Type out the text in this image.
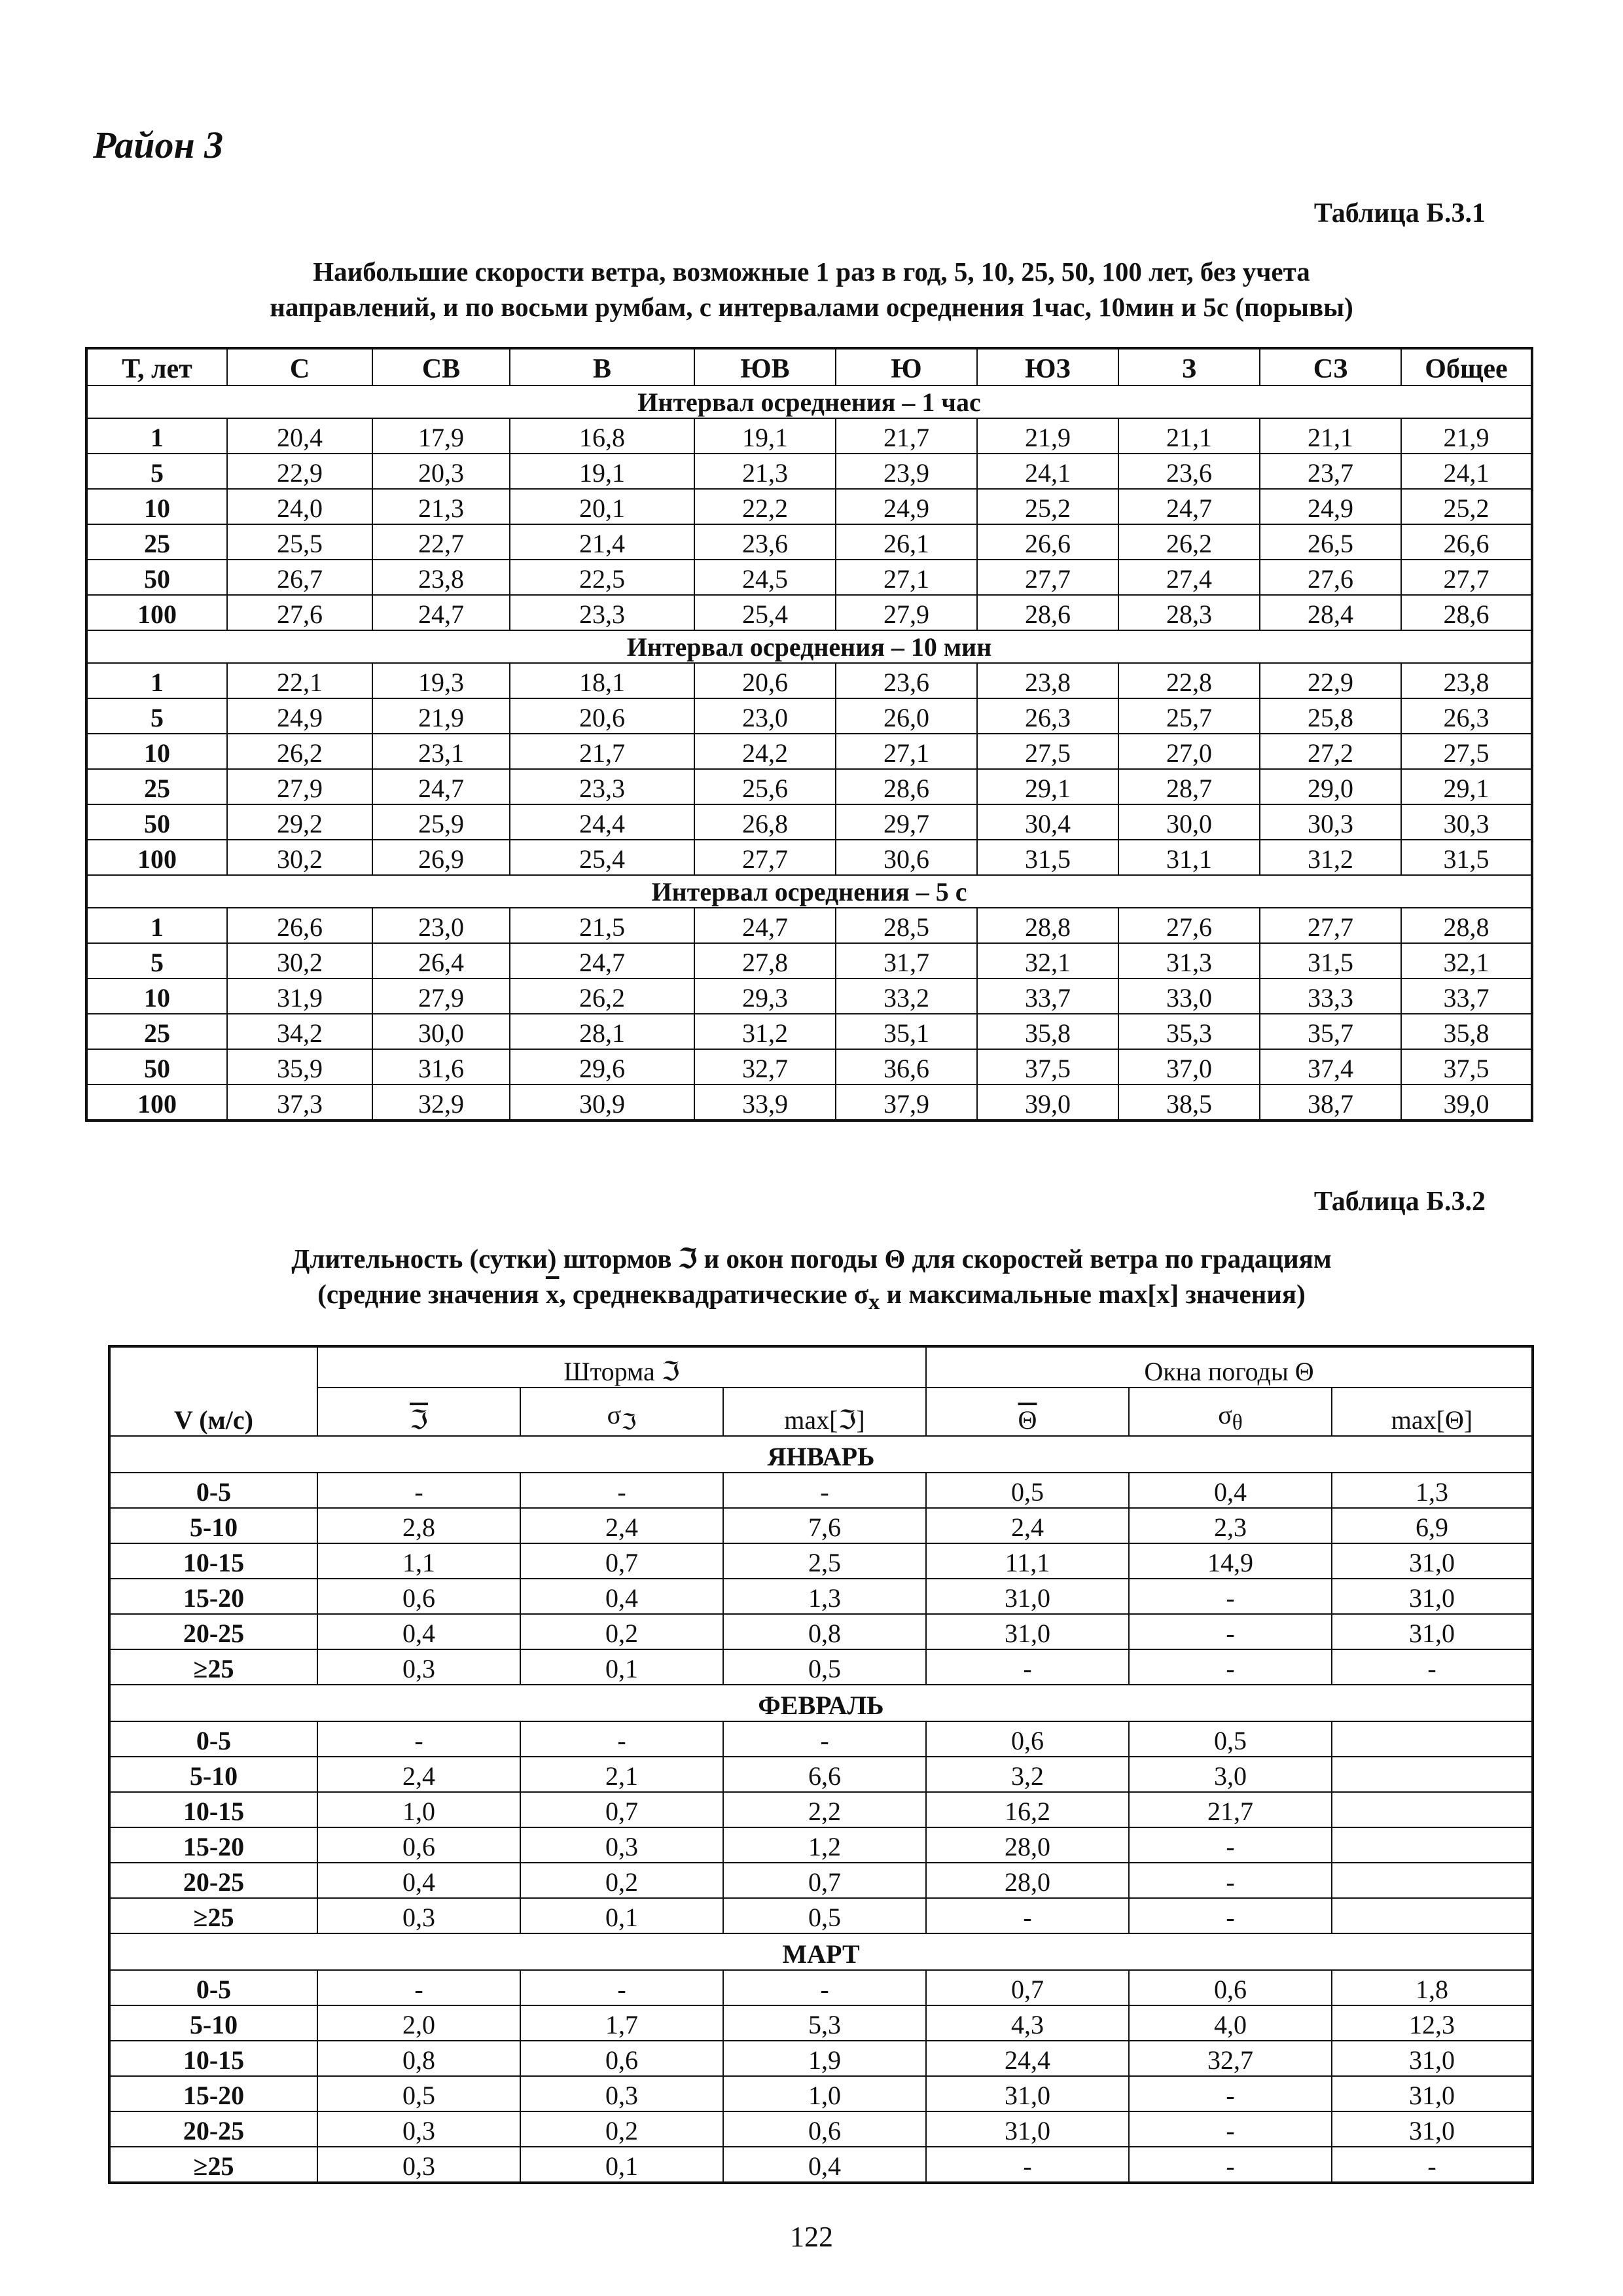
Район 3
Таблица Б.3.1
Наибольшие скорости ветра, возможные 1 раз в год, 5, 10, 25, 50, 100 лет, без учета
направлений, и по восьми румбам, с интервалами осреднения 1час, 10мин и 5с (порывы)
Т, лет	С	СВ	В	ЮВ	Ю	ЮЗ	З	СЗ	Общее
Интервал осреднения – 1 час									
1	20,4	17,9	16,8	19,1	21,7	21,9	21,1	21,1	21,9
5	22,9	20,3	19,1	21,3	23,9	24,1	23,6	23,7	24,1
10	24,0	21,3	20,1	22,2	24,9	25,2	24,7	24,9	25,2
25	25,5	22,7	21,4	23,6	26,1	26,6	26,2	26,5	26,6
50	26,7	23,8	22,5	24,5	27,1	27,7	27,4	27,6	27,7
100	27,6	24,7	23,3	25,4	27,9	28,6	28,3	28,4	28,6
Интервал осреднения – 10 мин									
1	22,1	19,3	18,1	20,6	23,6	23,8	22,8	22,9	23,8
5	24,9	21,9	20,6	23,0	26,0	26,3	25,7	25,8	26,3
10	26,2	23,1	21,7	24,2	27,1	27,5	27,0	27,2	27,5
25	27,9	24,7	23,3	25,6	28,6	29,1	28,7	29,0	29,1
50	29,2	25,9	24,4	26,8	29,7	30,4	30,0	30,3	30,3
100	30,2	26,9	25,4	27,7	30,6	31,5	31,1	31,2	31,5
Интервал осреднения – 5 с									
1	26,6	23,0	21,5	24,7	28,5	28,8	27,6	27,7	28,8
5	30,2	26,4	24,7	27,8	31,7	32,1	31,3	31,5	32,1
10	31,9	27,9	26,2	29,3	33,2	33,7	33,0	33,3	33,7
25	34,2	30,0	28,1	31,2	35,1	35,8	35,3	35,7	35,8
50	35,9	31,6	29,6	32,7	36,6	37,5	37,0	37,4	37,5
100	37,3	32,9	30,9	33,9	37,9	39,0	38,5	38,7	39,0
Таблица Б.3.2
Длительность (сутки) штормов ℑ и окон погоды Θ для скоростей ветра по градациям
(средние значения $\overline{x}$, среднеквадратические $\sigma_x$ и максимальные max[x] значения)
V (м/с)	Шторма ℑ			Окна погоды Θ		
	ℑ	$\sigma_ℑ$	max[ℑ]	$\overline{\Theta}$	$\sigma_\theta$	max[Θ]
ЯНВАРЬ						
0-5	-	-	-	0,5	0,4	1,3
5-10	2,8	2,4	7,6	2,4	2,3	6,9
10-15	1,1	0,7	2,5	11,1	14,9	31,0
15-20	0,6	0,4	1,3	31,0	-	31,0
20-25	0,4	0,2	0,8	31,0	-	31,0
≥25	0,3	0,1	0,5	-	-	-
ФЕВРАЛЬ						
0-5	-	-	-	0,6	0,5	
5-10	2,4	2,1	6,6	3,2	3,0	
10-15	1,0	0,7	2,2	16,2	21,7	
15-20	0,6	0,3	1,2	28,0	-	
20-25	0,4	0,2	0,7	28,0	-	
≥25	0,3	0,1	0,5	-	-	
МАРТ						
0-5	-	-	-	0,7	0,6	1,8
5-10	2,0	1,7	5,3	4,3	4,0	12,3
10-15	0,8	0,6	1,9	24,4	32,7	31,0
15-20	0,5	0,3	1,0	31,0	-	31,0
20-25	0,3	0,2	0,6	31,0	-	31,0
≥25	0,3	0,1	0,4	-	-	-
122
